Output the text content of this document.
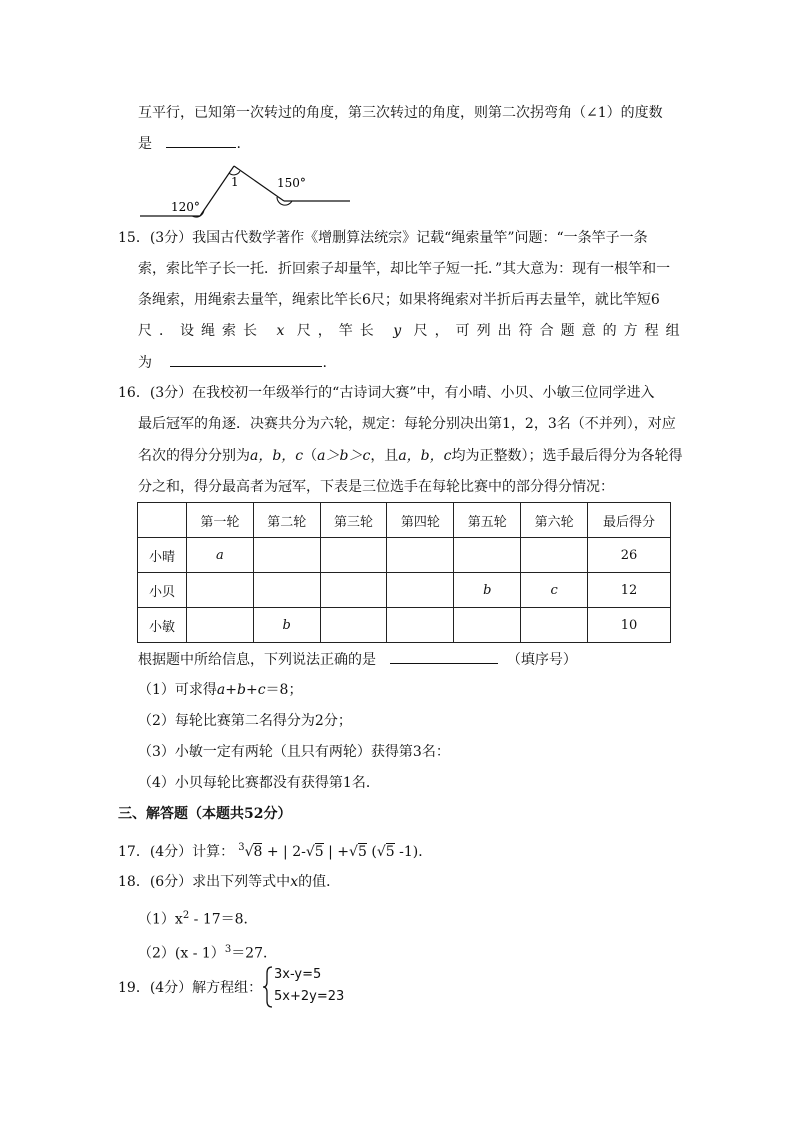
互平行，已知第一次转过的角度，第三次转过的角度，则第二次拐弯角（∠1）的度数
是	.
120°
1	150°
15．(3分）我国古代数学著作《增删算法统宗》记载“绳索量竿”问题：“一条竿子一条
索，索比竿子长一托．折回索子却量竿，却比竿子短一托．”其大意为：现有一根竿和一
条绳索，用绳索去量竿，绳索比竿长6尺；如果将绳索对半折后再去量竿，就比竿短6
尺．设绳索长 x 尺，竿长 y 尺，可列出符合题意的方程组
为	.
16．(3分）在我校初一年级举行的“古诗词大赛”中，有小晴、小贝、小敏三位同学进入
最后冠军的角逐．决赛共分为六轮，规定：每轮分别决出第1，2，3名（不并列），对应
名次的得分分别为a，b，c（a＞b＞c，且a，b，c均为正整数）；选手最后得分为各轮得
分之和，得分最高者为冠军，下表是三位选手在每轮比赛中的部分得分情况：
	第一轮	第二轮	第三轮	第四轮	第五轮	第六轮	最后得分
小晴	a						26
小贝					b	c	12
小敏		b					10
根据题中所给信息，下列说法正确的是	（填序号）
（1）可求得a+b+c＝8；
（2）每轮比赛第二名得分为2分；
（3）小敏一定有两轮（且只有两轮）获得第3名：
（4）小贝每轮比赛都没有获得第1名．
三、解答题（本题共52分）
17．(4分）计算： $^3$√8 + | 2-√5 | +√5 (√5 -1)．
18．(6分）求出下列等式中x的值．
$(1)x^2 - 17=8$．
（2）(x - 1）$^3$＝27．
19．(4分）解方程组：
3x-y=5
5x+2y=23
